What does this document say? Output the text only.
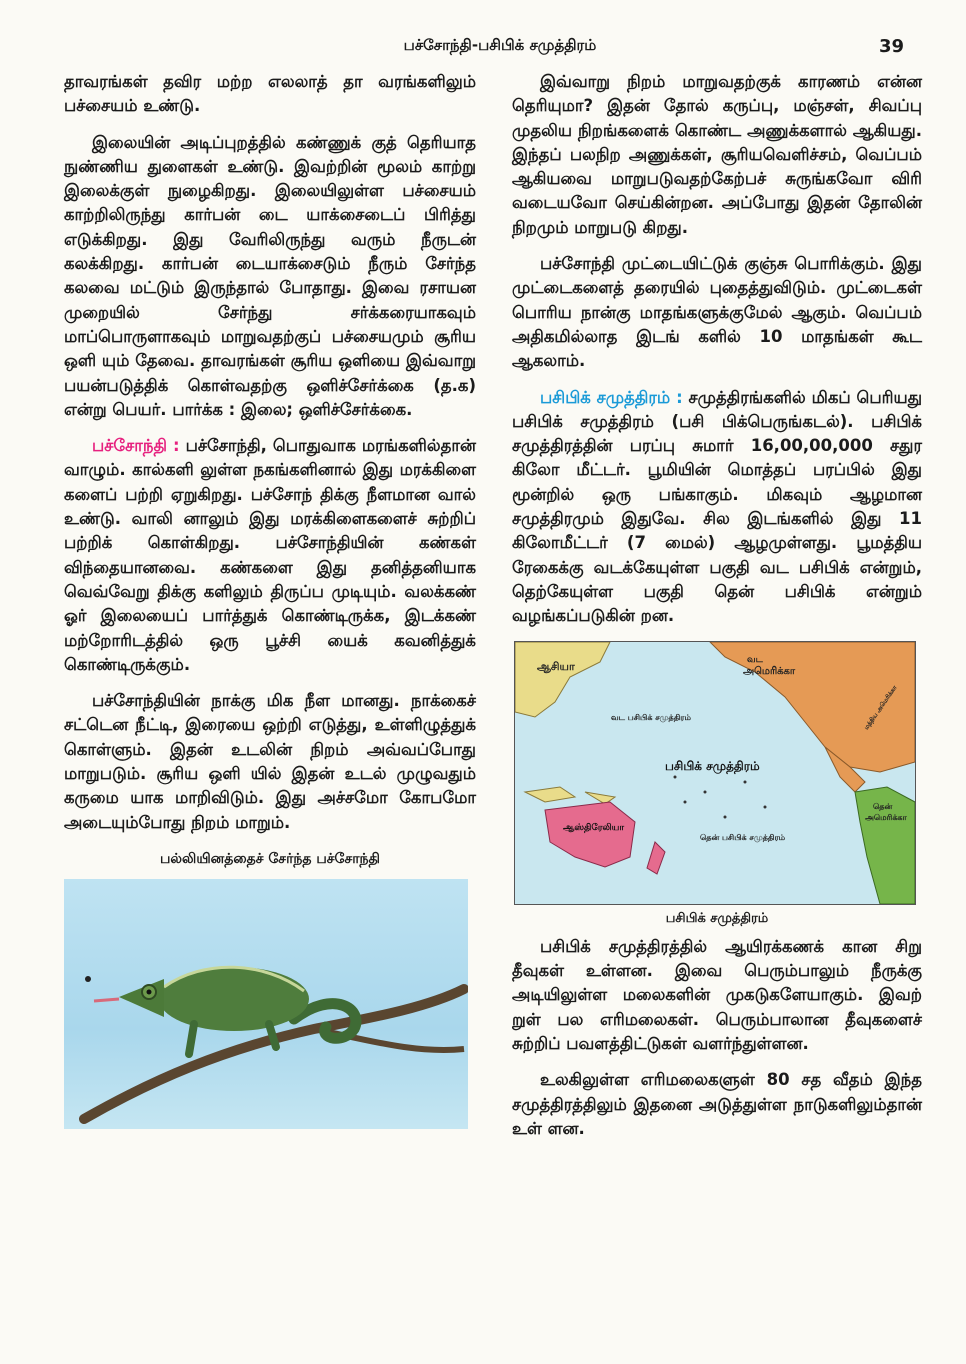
பச்சோந்தி-பசிபிக் சமுத்திரம்	39

தாவரங்கள் தவிர மற்ற எலலாத் தா வரங்களிலும் பச்சையம் உண்டு.

இலையின் அடிப்புறத்தில் கண்ணுக் குத் தெரியாத நுண்ணிய துளைகள் உண்டு. இவற்றின் மூலம் காற்று இலைக்குள் நுழைகிறது. இலையிலுள்ள பச்சையம் காற்றிலிருந்து கார்பன் டை யாக்சைடைப் பிரித்து எடுக்கிறது. இது வேரிலிருந்து வரும் நீருடன் கலக்கிறது. கார்பன் டையாக்சைடும் நீரும் சேர்ந்த கலவை மட்டும் இருந்தால் போதாது. இவை ரசாயன முறையில் சேர்ந்து சர்க்கரையாகவும் மாப்பொருளாகவும் மாறுவதற்குப் பச்சையமும் சூரிய ஒளி யும் தேவை. தாவரங்கள் சூரிய ஒளியை இவ்வாறு பயன்படுத்திக் கொள்வதற்கு ஒளிச்சேர்க்கை (த.க) என்று பெயர். பார்க்க : இலை; ஒளிச்சேர்க்கை.

பச்சோந்தி : பச்சோந்தி, பொதுவாக மரங்களில்தான் வாழும். கால்களி லுள்ள நகங்களினால் இது மரக்கிளை களைப் பற்றி ஏறுகிறது. பச்சோந் திக்கு நீளமான வால் உண்டு. வாலி னாலும் இது மரக்கிளைகளைச் சுற்றிப் பற்றிக் கொள்கிறது. பச்சோந்தியின் கண்கள் விந்தையானவை. கண்களை இது தனித்தனியாக வெவ்வேறு திக்கு களிலும் திருப்ப முடியும். வலக்கண் ஓர் இலையைப் பார்த்துக் கொண்டிருக்க, இடக்கண் மற்றோரிடத்தில் ஒரு பூச்சி யைக் கவனித்துக் கொண்டிருக்கும்.

பச்சோந்தியின் நாக்கு மிக நீள மானது. நாக்கைச் சட்டென நீட்டி, இரையை ஒற்றி எடுத்து, உள்ளிழுத்துக் கொள்ளும். இதன் உடலின் நிறம் அவ்வப்போது மாறுபடும். சூரிய ஒளி யில் இதன் உடல் முழுவதும் கருமை யாக மாறிவிடும். இது அச்சமோ கோபமோ அடையும்போது நிறம் மாறும்.

பல்லியினத்தைச் சேர்ந்த பச்சோந்தி

இவ்வாறு நிறம் மாறுவதற்குக் காரணம் என்ன தெரியுமா? இதன் தோல் கருப்பு, மஞ்சள், சிவப்பு முதலிய நிறங்களைக் கொண்ட அணுக்களால் ஆகியது. இந்தப் பலநிற அணுக்கள், சூரியவெளிச்சம், வெப்பம் ஆகியவை மாறுபடுவதற்கேற்பச் சுருங்கவோ விரி வடையவோ செய்கின்றன. அப்போது இதன் தோலின் நிறமும் மாறுபடு கிறது.

பச்சோந்தி முட்டையிட்டுக் குஞ்சு பொரிக்கும். இது முட்டைகளைத் தரையில் புதைத்துவிடும். முட்டைகள் பொரிய நான்கு மாதங்களுக்குமேல் ஆகும். வெப்பம் அதிகமில்லாத இடங் களில் 10 மாதங்கள் கூட ஆகலாம்.

பசிபிக் சமுத்திரம் : சமுத்திரங்களில் மிகப் பெரியது பசிபிக் சமுத்திரம் (பசி பிக்பெருங்கடல்). பசிபிக் சமுத்திரத்தின் பரப்பு சுமார் 16,00,00,000 சதுர கிலோ மீட்டர். பூமியின் மொத்தப் பரப்பில் இது மூன்றில் ஒரு பங்காகும். மிகவும் ஆழமான சமுத்திரமும் இதுவே. சில இடங்களில் இது 11 கிலோமீட்டர் (7 மைல்) ஆழமுள்ளது. பூமத்திய ரேகைக்கு வடக்கேயுள்ள பகுதி வட பசிபிக் என்றும், தெற்கேயுள்ள பகுதி தென் பசிபிக் என்றும் வழங்கப்படுகின் றன.

ஆசியா	வட
அமெரிக்கா
வட பசிபிக் சமுத்திரம்
பசிபிக் சமுத்திரம்
ஆஸ்திரேலியா
தென் பசிபிக் சமுத்திரம்
தென்
அமெரிக்கா
மத்திய அமெரிக்கா
பசிபிக் சமுத்திரம்

பசிபிக் சமுத்திரத்தில் ஆயிரக்கணக் கான சிறு தீவுகள் உள்ளன. இவை பெரும்பாலும் நீருக்கு அடியிலுள்ள மலைகளின் முகடுகளேயாகும். இவற் றுள் பல எரிமலைகள். பெரும்பாலான தீவுகளைச் சுற்றிப் பவளத்திட்டுகள் வளர்ந்துள்ளன.

உலகிலுள்ள எரிமலைகளுள் 80 சத வீதம் இந்த சமுத்திரத்திலும் இதனை அடுத்துள்ள நாடுகளிலும்தான் உள் ளன.
